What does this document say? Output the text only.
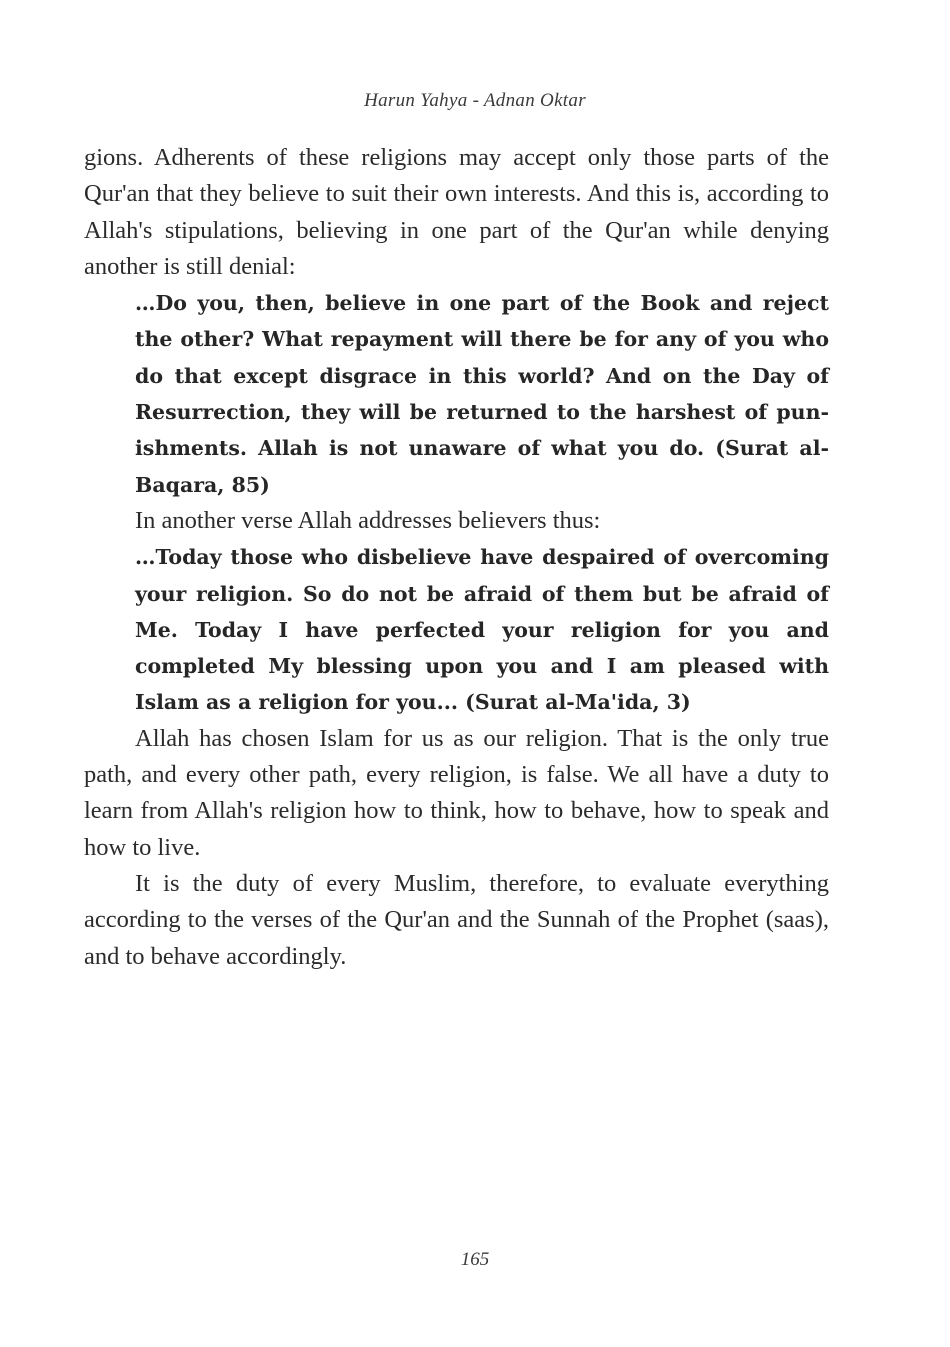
Harun Yahya - Adnan Oktar

gions. Adherents of these religions may accept only those parts of the Qur'an that they believe to suit their own interests. And this is, according to Allah's stipulations, believing in one part of the Qur'an while denying another is still denial:

…Do you, then, believe in one part of the Book and reject the other? What repayment will there be for any of you who do that except disgrace in this world? And on the Day of Resurrection, they will be returned to the harshest of punishments. Allah is not unaware of what you do. (Surat al-Baqara, 85)

In another verse Allah addresses believers thus:

…Today those who disbelieve have despaired of overcoming your religion. So do not be afraid of them but be afraid of Me. Today I have perfected your religion for you and completed My blessing upon you and I am pleased with Islam as a religion for you... (Surat al-Ma'ida, 3)

Allah has chosen Islam for us as our religion. That is the only true path, and every other path, every religion, is false. We all have a duty to learn from Allah's religion how to think, how to behave, how to speak and how to live.

It is the duty of every Muslim, therefore, to evaluate everything according to the verses of the Qur'an and the Sunnah of the Prophet (saas), and to behave accordingly.

165
